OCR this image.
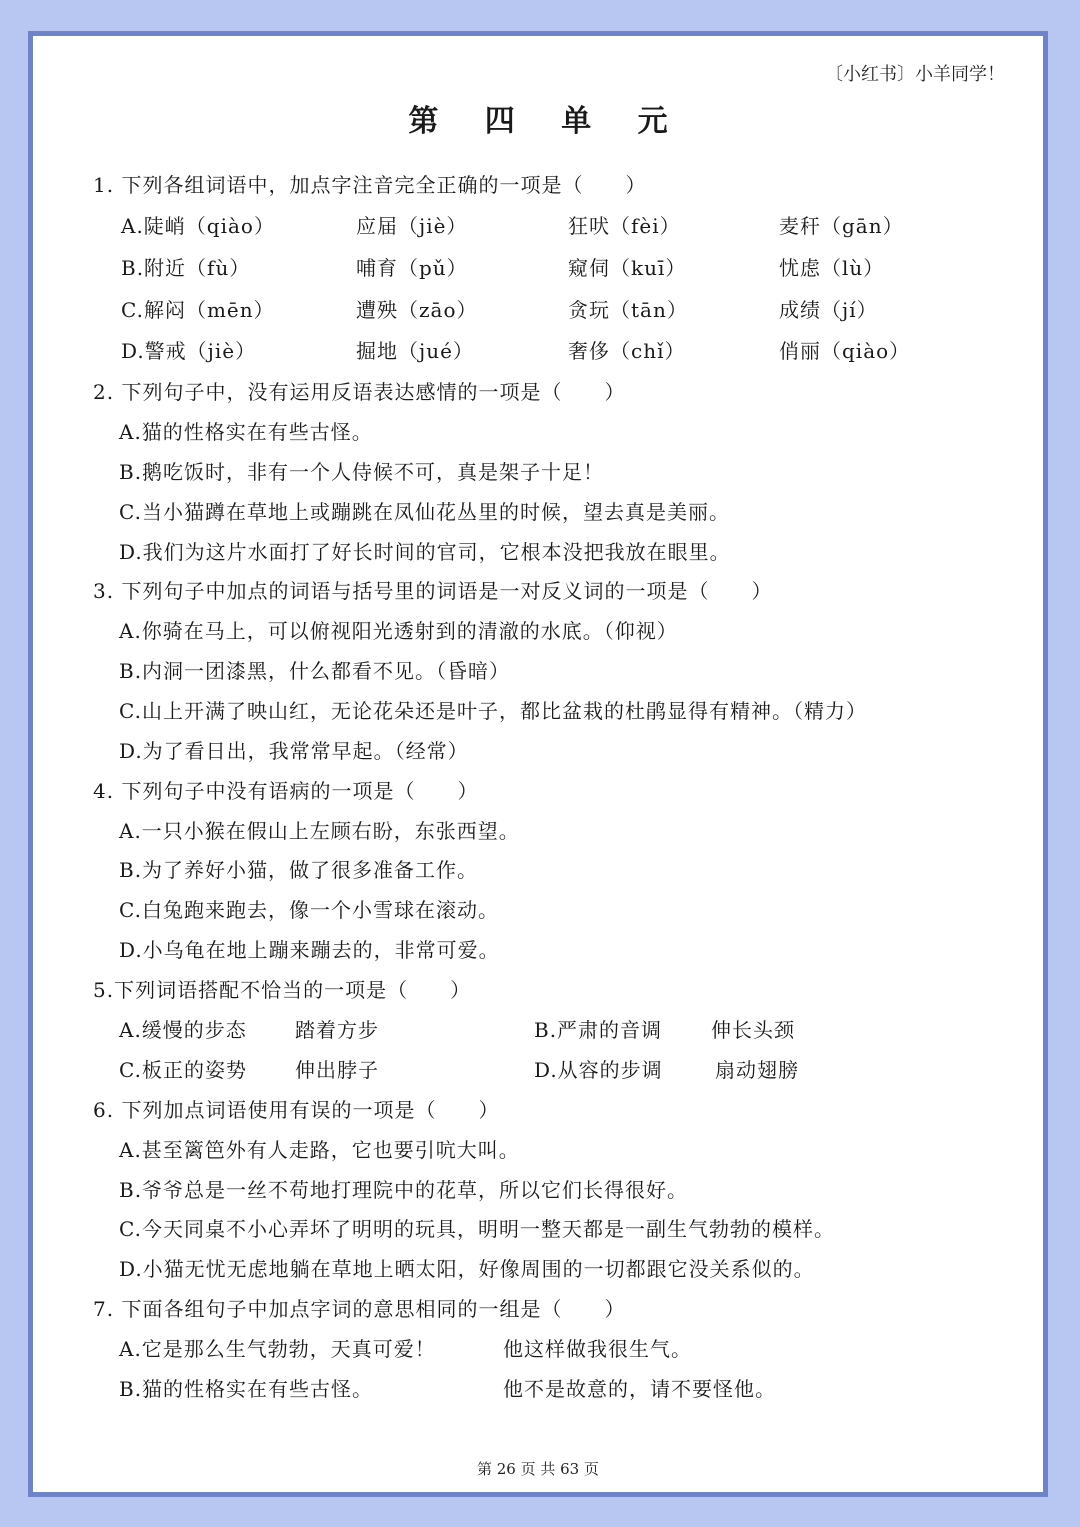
〔小红书〕小羊同学！
第 四 单 元
1. 下列各组词语中，加点字注音完全正确的一项是（　　）
A.陡峭（qiào）	应届（jiè）	狂吠（fèi）	麦秆（gān）
B.附近（fù）	哺育（pǔ）	窥伺（kuī）	忧虑（lù）
C.解闷（mēn）	遭殃（zāo）	贪玩（tān）	成绩（jí）
D.警戒（jiè）	掘地（jué）	奢侈（chǐ）	俏丽（qiào）
2. 下列句子中，没有运用反语表达感情的一项是（　　）
A.猫的性格实在有些古怪。
B.鹅吃饭时，非有一个人侍候不可，真是架子十足！
C.当小猫蹲在草地上或蹦跳在凤仙花丛里的时候，望去真是美丽。
D.我们为这片水面打了好长时间的官司，它根本没把我放在眼里。
3. 下列句子中加点的词语与括号里的词语是一对反义词的一项是（　　）
A.你骑在马上，可以俯视阳光透射到的清澈的水底。（仰视）
B.内洞一团漆黑，什么都看不见。（昏暗）
C.山上开满了映山红，无论花朵还是叶子，都比盆栽的杜鹃显得有精神。（精力）
D.为了看日出，我常常早起。（经常）
4. 下列句子中没有语病的一项是（　　）
A.一只小猴在假山上左顾右盼，东张西望。
B.为了养好小猫，做了很多准备工作。
C.白兔跑来跑去，像一个小雪球在滚动。
D.小乌龟在地上蹦来蹦去的，非常可爱。
5.下列词语搭配不恰当的一项是（　　）
A.缓慢的步态 踏着方步	B.严肃的音调 伸长头颈
C.板正的姿势 伸出脖子	D.从容的步调	扇动翅膀
6. 下列加点词语使用有误的一项是（　　）
A.甚至篱笆外有人走路，它也要引吭大叫。
B.爷爷总是一丝不苟地打理院中的花草，所以它们长得很好。
C.今天同桌不小心弄坏了明明的玩具，明明一整天都是一副生气勃勃的模样。
D.小猫无忧无虑地躺在草地上晒太阳，好像周围的一切都跟它没关系似的。
7. 下面各组句子中加点字词的意思相同的一组是（　　）
A.它是那么生气勃勃，天真可爱！	他这样做我很生气。
B.猫的性格实在有些古怪。	他不是故意的，请不要怪他。
第 26 页 共 63 页
